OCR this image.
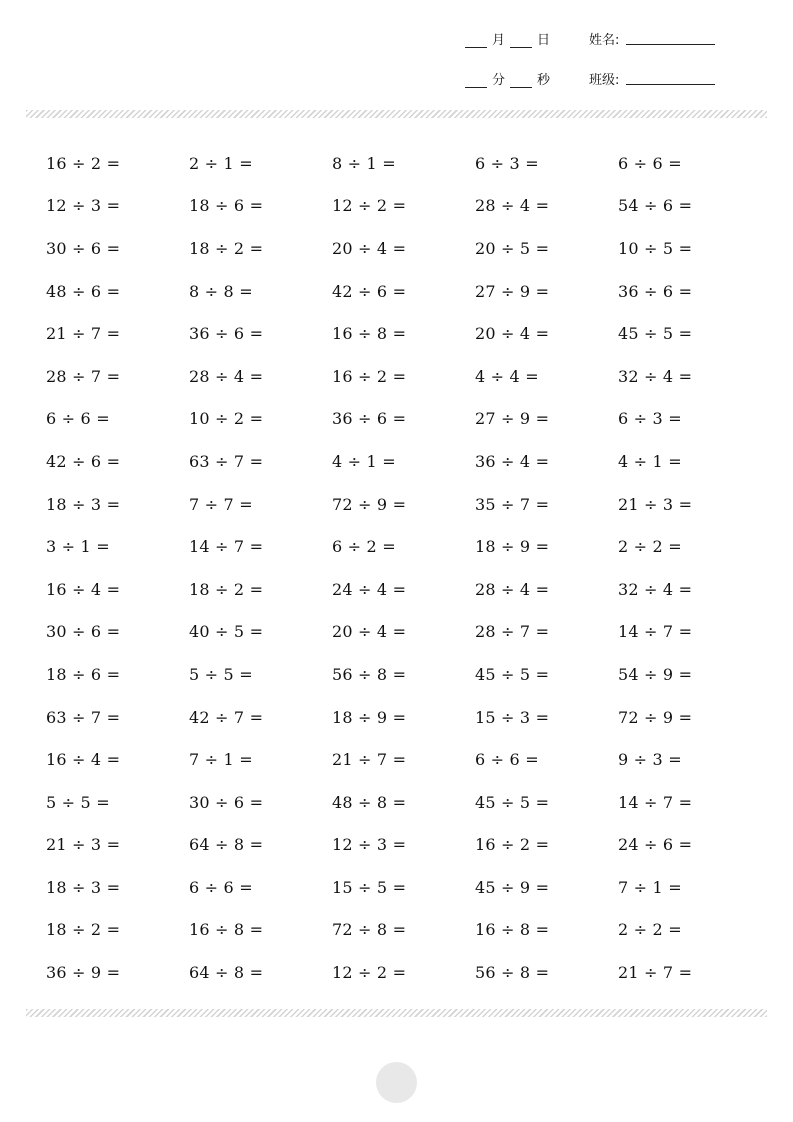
月 日	姓名:
分 秒	班级:
16 ÷ 2 =	2 ÷ 1 =	8 ÷ 1 =	6 ÷ 3 =	6 ÷ 6 =
12 ÷ 3 =	18 ÷ 6 =	12 ÷ 2 =	28 ÷ 4 =	54 ÷ 6 =
30 ÷ 6 =	18 ÷ 2 =	20 ÷ 4 =	20 ÷ 5 =	10 ÷ 5 =
48 ÷ 6 =	8 ÷ 8 =	42 ÷ 6 =	27 ÷ 9 =	36 ÷ 6 =
21 ÷ 7 =	36 ÷ 6 =	16 ÷ 8 =	20 ÷ 4 =	45 ÷ 5 =
28 ÷ 7 =	28 ÷ 4 =	16 ÷ 2 =	4 ÷ 4 =	32 ÷ 4 =
6 ÷ 6 =	10 ÷ 2 =	36 ÷ 6 =	27 ÷ 9 =	6 ÷ 3 =
42 ÷ 6 =	63 ÷ 7 =	4 ÷ 1 =	36 ÷ 4 =	4 ÷ 1 =
18 ÷ 3 =	7 ÷ 7 =	72 ÷ 9 =	35 ÷ 7 =	21 ÷ 3 =
3 ÷ 1 =	14 ÷ 7 =	6 ÷ 2 =	18 ÷ 9 =	2 ÷ 2 =
16 ÷ 4 =	18 ÷ 2 =	24 ÷ 4 =	28 ÷ 4 =	32 ÷ 4 =
30 ÷ 6 =	40 ÷ 5 =	20 ÷ 4 =	28 ÷ 7 =	14 ÷ 7 =
18 ÷ 6 =	5 ÷ 5 =	56 ÷ 8 =	45 ÷ 5 =	54 ÷ 9 =
63 ÷ 7 =	42 ÷ 7 =	18 ÷ 9 =	15 ÷ 3 =	72 ÷ 9 =
16 ÷ 4 =	7 ÷ 1 =	21 ÷ 7 =	6 ÷ 6 =	9 ÷ 3 =
5 ÷ 5 =	30 ÷ 6 =	48 ÷ 8 =	45 ÷ 5 =	14 ÷ 7 =
21 ÷ 3 =	64 ÷ 8 =	12 ÷ 3 =	16 ÷ 2 =	24 ÷ 6 =
18 ÷ 3 =	6 ÷ 6 =	15 ÷ 5 =	45 ÷ 9 =	7 ÷ 1 =
18 ÷ 2 =	16 ÷ 8 =	72 ÷ 8 =	16 ÷ 8 =	2 ÷ 2 =
36 ÷ 9 =	64 ÷ 8 =	12 ÷ 2 =	56 ÷ 8 =	21 ÷ 7 =
